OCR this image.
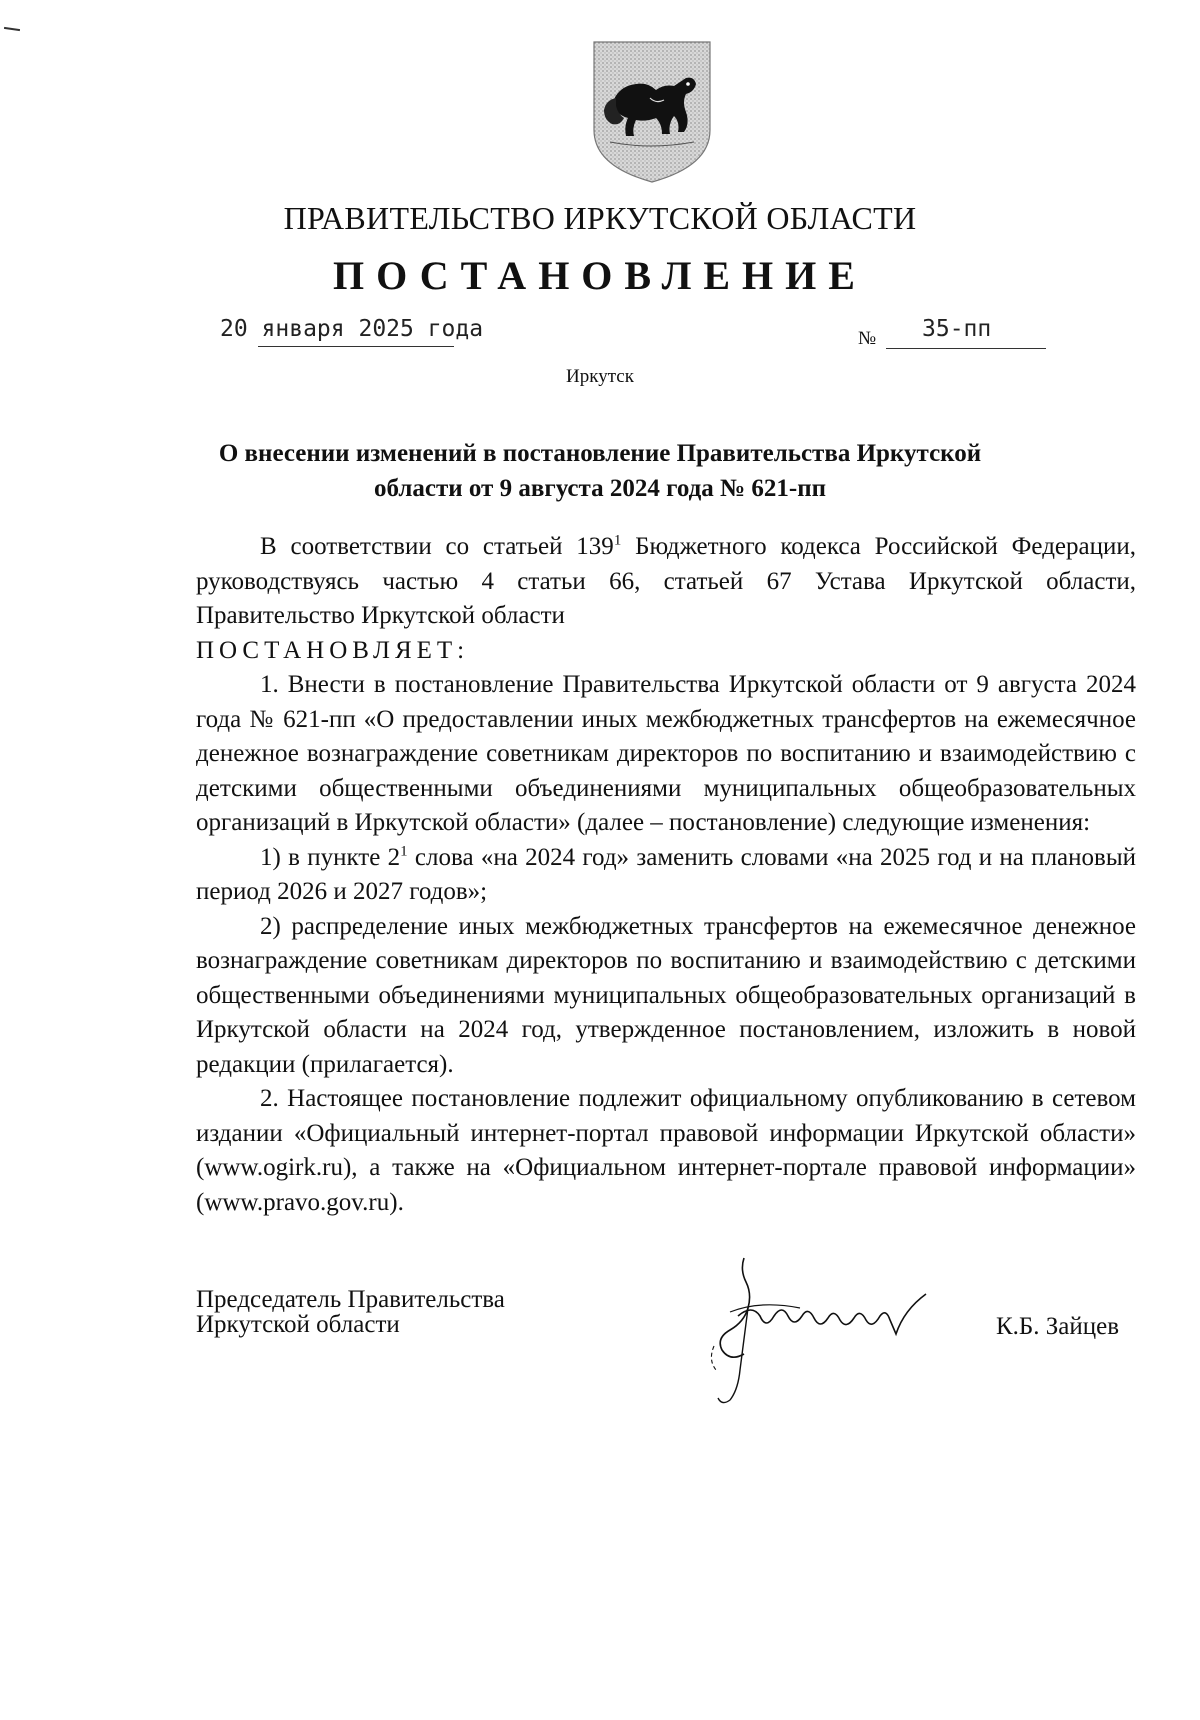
ПРАВИТЕЛЬСТВО ИРКУТСКОЙ ОБЛАСТИ
ПОСТАНОВЛЕНИЕ
20 января 2025 года	№ 35-пп
Иркутск
О внесении изменений в постановление Правительства Иркутской
области от 9 августа 2024 года № 621-пп

В соответствии со статьей $139^1$ Бюджетного кодекса Российской Федерации, руководствуясь частью 4 статьи 66, статьей 67 Устава Иркутской области, Правительство Иркутской области

ПОСТАНОВЛЯЕТ:

1. Внести в постановление Правительства Иркутской области от 9 августа 2024 года № 621-пп «О предоставлении иных межбюджетных трансфертов на ежемесячное денежное вознаграждение советникам директоров по воспитанию и взаимодействию с детскими общественными объединениями муниципальных общеобразовательных организаций в Иркутской области» (далее – постановление) следующие изменения:

1) в пункте $2^1$ слова «на 2024 год» заменить словами «на 2025 год и на плановый период 2026 и 2027 годов»;

2) распределение иных межбюджетных трансфертов на ежемесячное денежное вознаграждение советникам директоров по воспитанию и взаимодействию с детскими общественными объединениями муниципальных общеобразовательных организаций в Иркутской области на 2024 год, утвержденное постановлением, изложить в новой редакции (прилагается).

2. Настоящее постановление подлежит официальному опубликованию в сетевом издании «Официальный интернет-портал правовой информации Иркутской области» (www.ogirk.ru), а также на «Официальном интернет-портале правовой информации» (www.pravo.gov.ru).

Председатель Правительства
Иркутской области	К.Б. Зайцев
